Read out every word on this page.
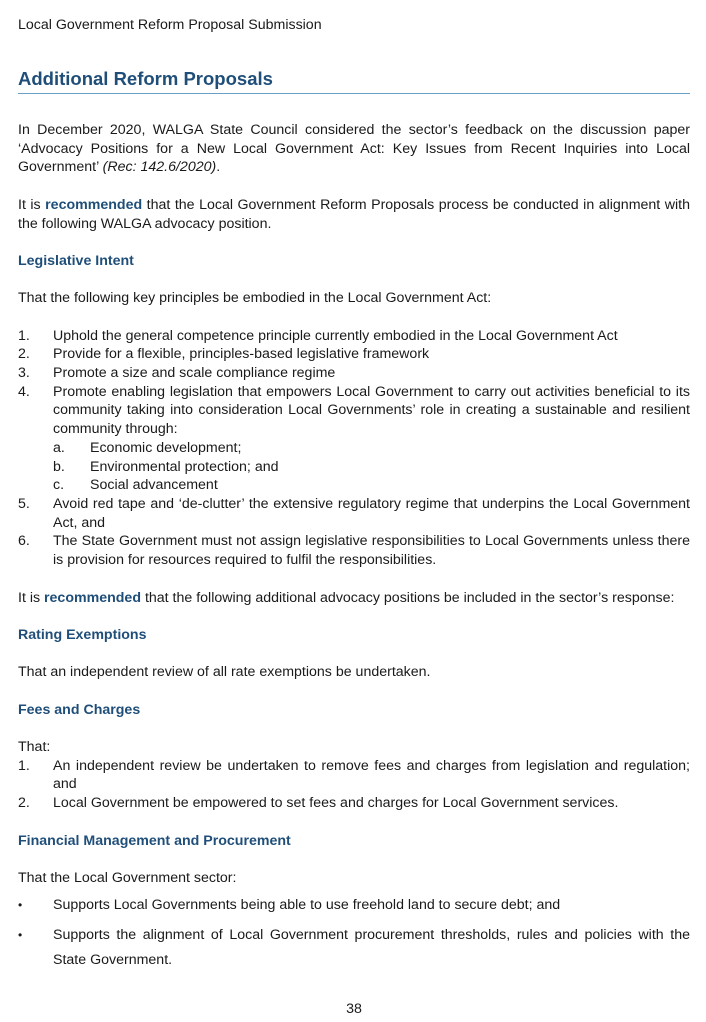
Local Government Reform Proposal Submission
Additional Reform Proposals

In December 2020, WALGA State Council considered the sector’s feedback on the discussion paper ‘Advocacy Positions for a New Local Government Act: Key Issues from Recent Inquiries into Local Government’ (Rec: 142.6/2020).

It is recommended that the Local Government Reform Proposals process be conducted in alignment with the following WALGA advocacy position.

Legislative Intent

That the following key principles be embodied in the Local Government Act:

1. Uphold the general competence principle currently embodied in the Local Government Act
2. Provide for a flexible, principles-based legislative framework
3. Promote a size and scale compliance regime
4. Promote enabling legislation that empowers Local Government to carry out activities beneficial to its community taking into consideration Local Governments’ role in creating a sustainable and resilient community through:
a. Economic development;
b. Environmental protection; and
c. Social advancement
5. Avoid red tape and ‘de-clutter’ the extensive regulatory regime that underpins the Local Government Act, and
6. The State Government must not assign legislative responsibilities to Local Governments unless there is provision for resources required to fulfil the responsibilities.

It is recommended that the following additional advocacy positions be included in the sector’s response:

Rating Exemptions

That an independent review of all rate exemptions be undertaken.

Fees and Charges

That:

1. An independent review be undertaken to remove fees and charges from legislation and regulation; and
2. Local Government be empowered to set fees and charges for Local Government services.

Financial Management and Procurement

That the Local Government sector:

• Supports Local Governments being able to use freehold land to secure debt; and
• Supports the alignment of Local Government procurement thresholds, rules and policies with the State Government.
38
